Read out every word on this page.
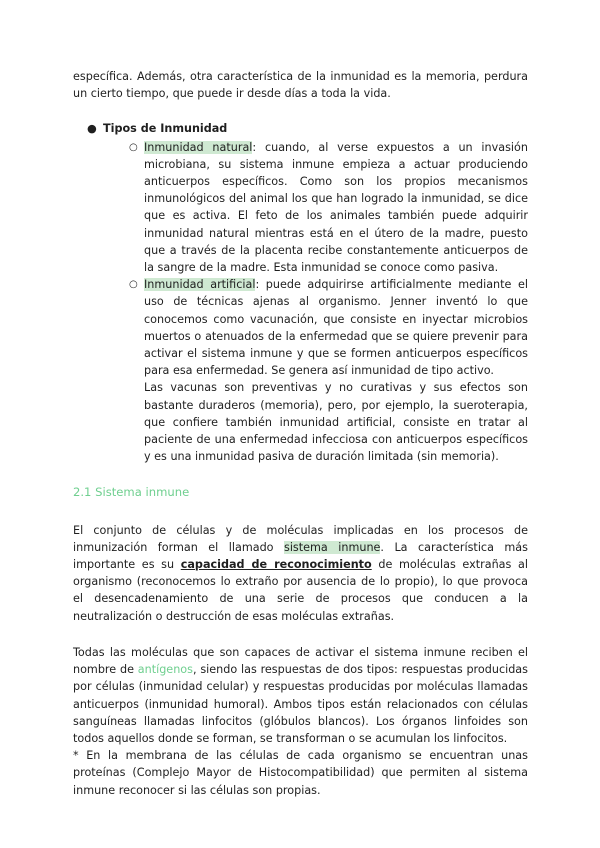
específica. Además, otra característica de la inmunidad es la memoria, perdura un cierto tiempo, que puede ir desde días a toda la vida.

● Tipos de Inmunidad
○ Inmunidad natural: cuando, al verse expuestos a un invasión microbiana, su sistema inmune empieza a actuar produciendo anticuerpos específicos. Como son los propios mecanismos inmunológicos del animal los que han logrado la inmunidad, se dice que es activa. El feto de los animales también puede adquirir inmunidad natural mientras está en el útero de la madre, puesto que a través de la placenta recibe constantemente anticuerpos de la sangre de la madre. Esta inmunidad se conoce como pasiva.

○ Inmunidad artificial: puede adquirirse artificialmente mediante el uso de técnicas ajenas al organismo. Jenner inventó lo que conocemos como vacunación, que consiste en inyectar microbios muertos o atenuados de la enfermedad que se quiere prevenir para activar el sistema inmune y que se formen anticuerpos específicos para esa enfermedad. Se genera así inmunidad de tipo activo.

Las vacunas son preventivas y no curativas y sus efectos son bastante duraderos (memoria), pero, por ejemplo, la sueroterapia, que confiere también inmunidad artificial, consiste en tratar al paciente de una enfermedad infecciosa con anticuerpos específicos y es una inmunidad pasiva de duración limitada (sin memoria).

2.1 Sistema inmune

El conjunto de células y de moléculas implicadas en los procesos de inmunización forman el llamado sistema inmune. La característica más importante es su capacidad de reconocimiento de moléculas extrañas al organismo (reconocemos lo extraño por ausencia de lo propio), lo que provoca el desencadenamiento de una serie de procesos que conducen a la neutralización o destrucción de esas moléculas extrañas.

Todas las moléculas que son capaces de activar el sistema inmune reciben el nombre de antígenos, siendo las respuestas de dos tipos: respuestas producidas por células (inmunidad celular) y respuestas producidas por moléculas llamadas anticuerpos (inmunidad humoral). Ambos tipos están relacionados con células sanguíneas llamadas linfocitos (glóbulos blancos). Los órganos linfoides son todos aquellos donde se forman, se transforman o se acumulan los linfocitos.

* En la membrana de las células de cada organismo se encuentran unas proteínas (Complejo Mayor de Histocompatibilidad) que permiten al sistema inmune reconocer si las células son propias.
